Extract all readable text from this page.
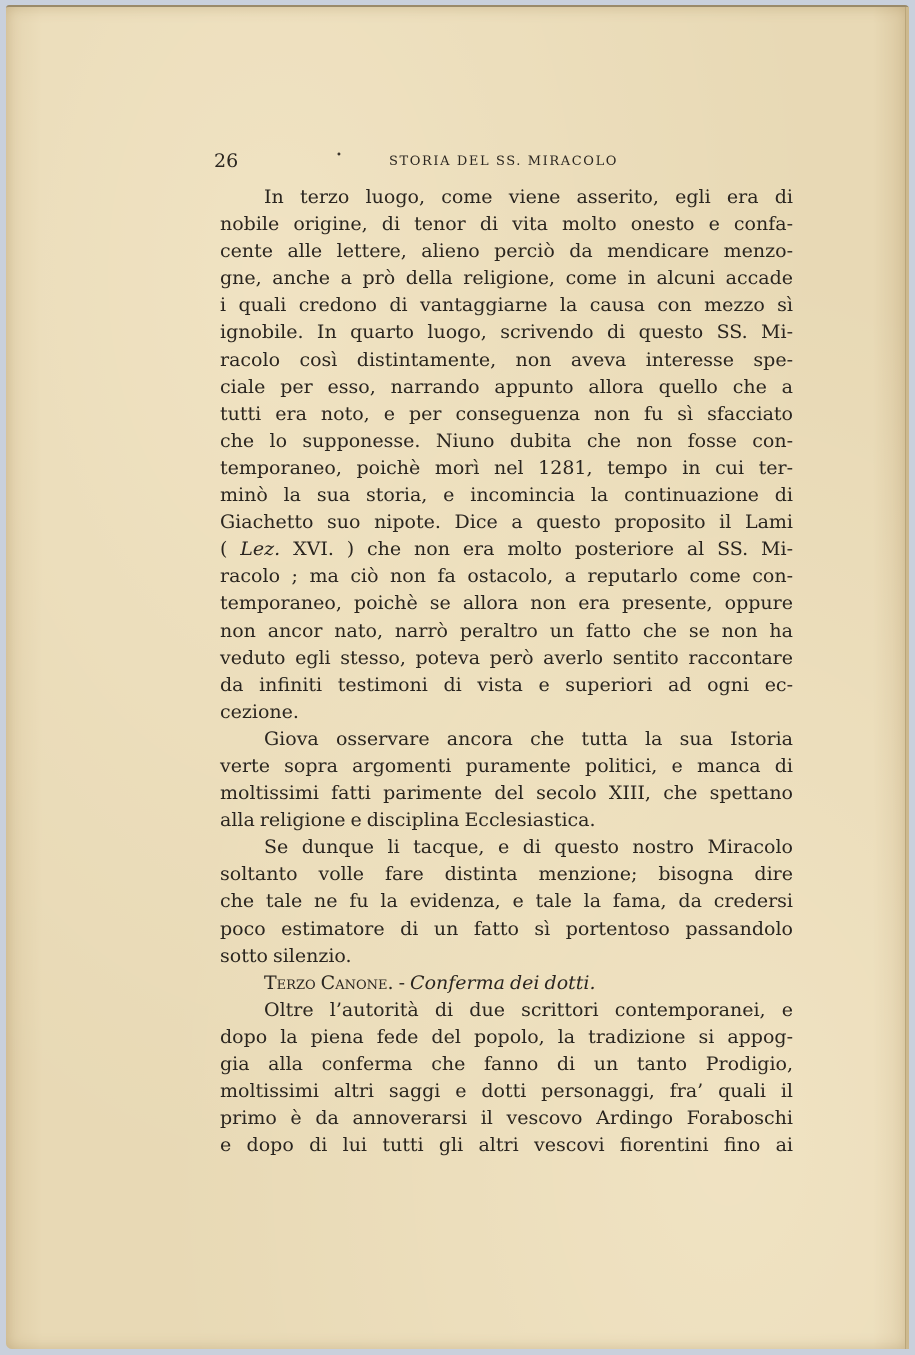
26	•	STORIA DEL SS. MIRACOLO
In terzo luogo, come viene asserito, egli era di
nobile origine, di tenor di vita molto onesto e confa-
cente alle lettere, alieno perciò da mendicare menzo-
gne, anche a prò della religione, come in alcuni accade
i quali credono di vantaggiarne la causa con mezzo sì
ignobile. In quarto luogo, scrivendo di questo SS. Mi-
racolo così distintamente, non aveva interesse spe-
ciale per esso, narrando appunto allora quello che a
tutti era noto, e per conseguenza non fu sì sfacciato
che lo supponesse. Niuno dubita che non fosse con-
temporaneo, poichè morì nel 1281, tempo in cui ter-
minò la sua storia, e incomincia la continuazione di
Giachetto suo nipote. Dice a questo proposito il Lami
( Lez. XVI. ) che non era molto posteriore al SS. Mi-
racolo ; ma ciò non fa ostacolo, a reputarlo come con-
temporaneo, poichè se allora non era presente, oppure
non ancor nato, narrò peraltro un fatto che se non ha
veduto egli stesso, poteva però averlo sentito raccontare
da infiniti testimoni di vista e superiori ad ogni ec-
cezione.
Giova osservare ancora che tutta la sua Istoria
verte sopra argomenti puramente politici, e manca di
moltissimi fatti parimente del secolo XIII, che spettano
alla religione e disciplina Ecclesiastica.
Se dunque li tacque, e di questo nostro Miracolo
soltanto volle fare distinta menzione; bisogna dire
che tale ne fu la evidenza, e tale la fama, da credersi
poco estimatore di un fatto sì portentoso passandolo
sotto silenzio.
Terzo Canone. - Conferma dei dotti.
Oltre l’autorità di due scrittori contemporanei, e
dopo la piena fede del popolo, la tradizione si appog-
gia alla conferma che fanno di un tanto Prodigio,
moltissimi altri saggi e dotti personaggi, fra’ quali il
primo è da annoverarsi il vescovo Ardingo Foraboschi
e dopo di lui tutti gli altri vescovi fiorentini fino ai
